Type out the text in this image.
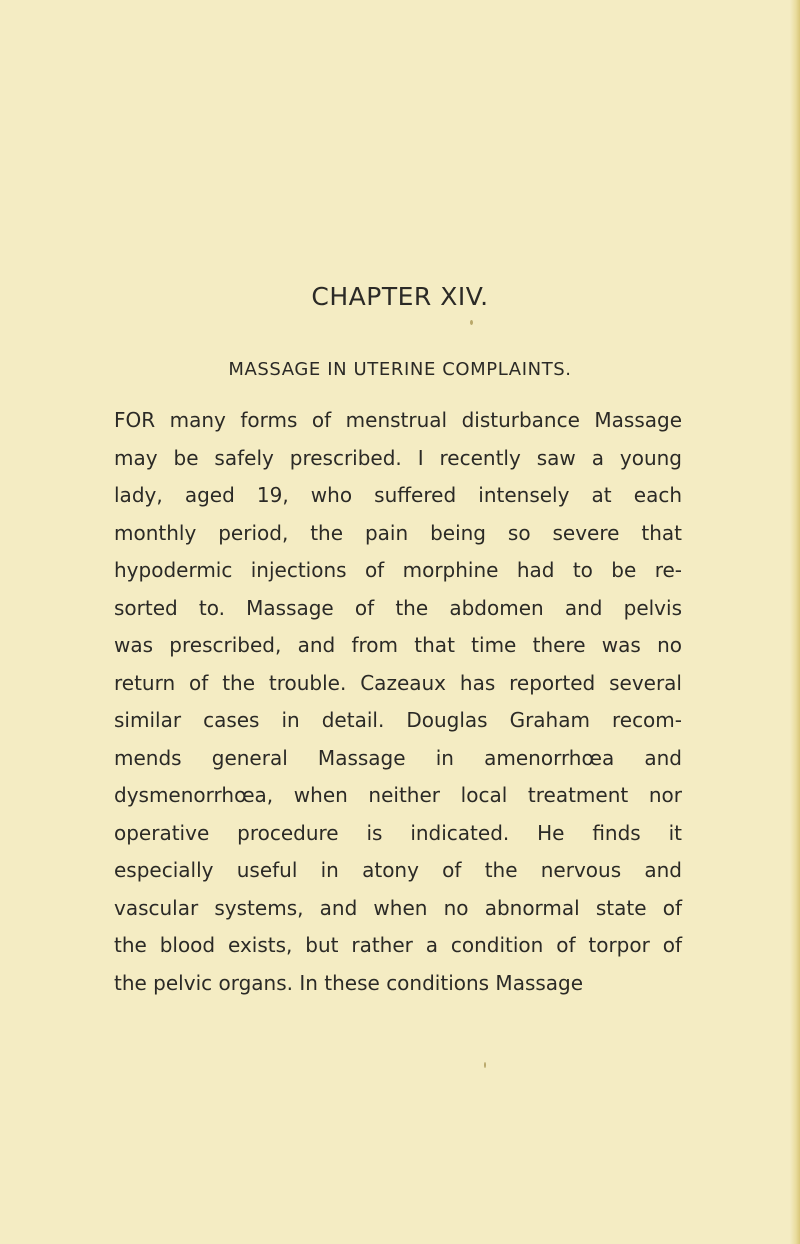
CHAPTER XIV.
MASSAGE IN UTERINE COMPLAINTS.
FOR many forms of menstrual disturbance Massage
may be safely prescribed. I recently saw a young
lady, aged 19, who suffered intensely at each
monthly period, the pain being so severe that
hypodermic injections of morphine had to be re-
sorted to. Massage of the abdomen and pelvis
was prescribed, and from that time there was no
return of the trouble. Cazeaux has reported several
similar cases in detail. Douglas Graham recom-
mends general Massage in amenorrhœa and
dysmenorrhœa, when neither local treatment nor
operative procedure is indicated. He finds it
especially useful in atony of the nervous and
vascular systems, and when no abnormal state of
the blood exists, but rather a condition of torpor of
the pelvic organs. In these conditions Massage
